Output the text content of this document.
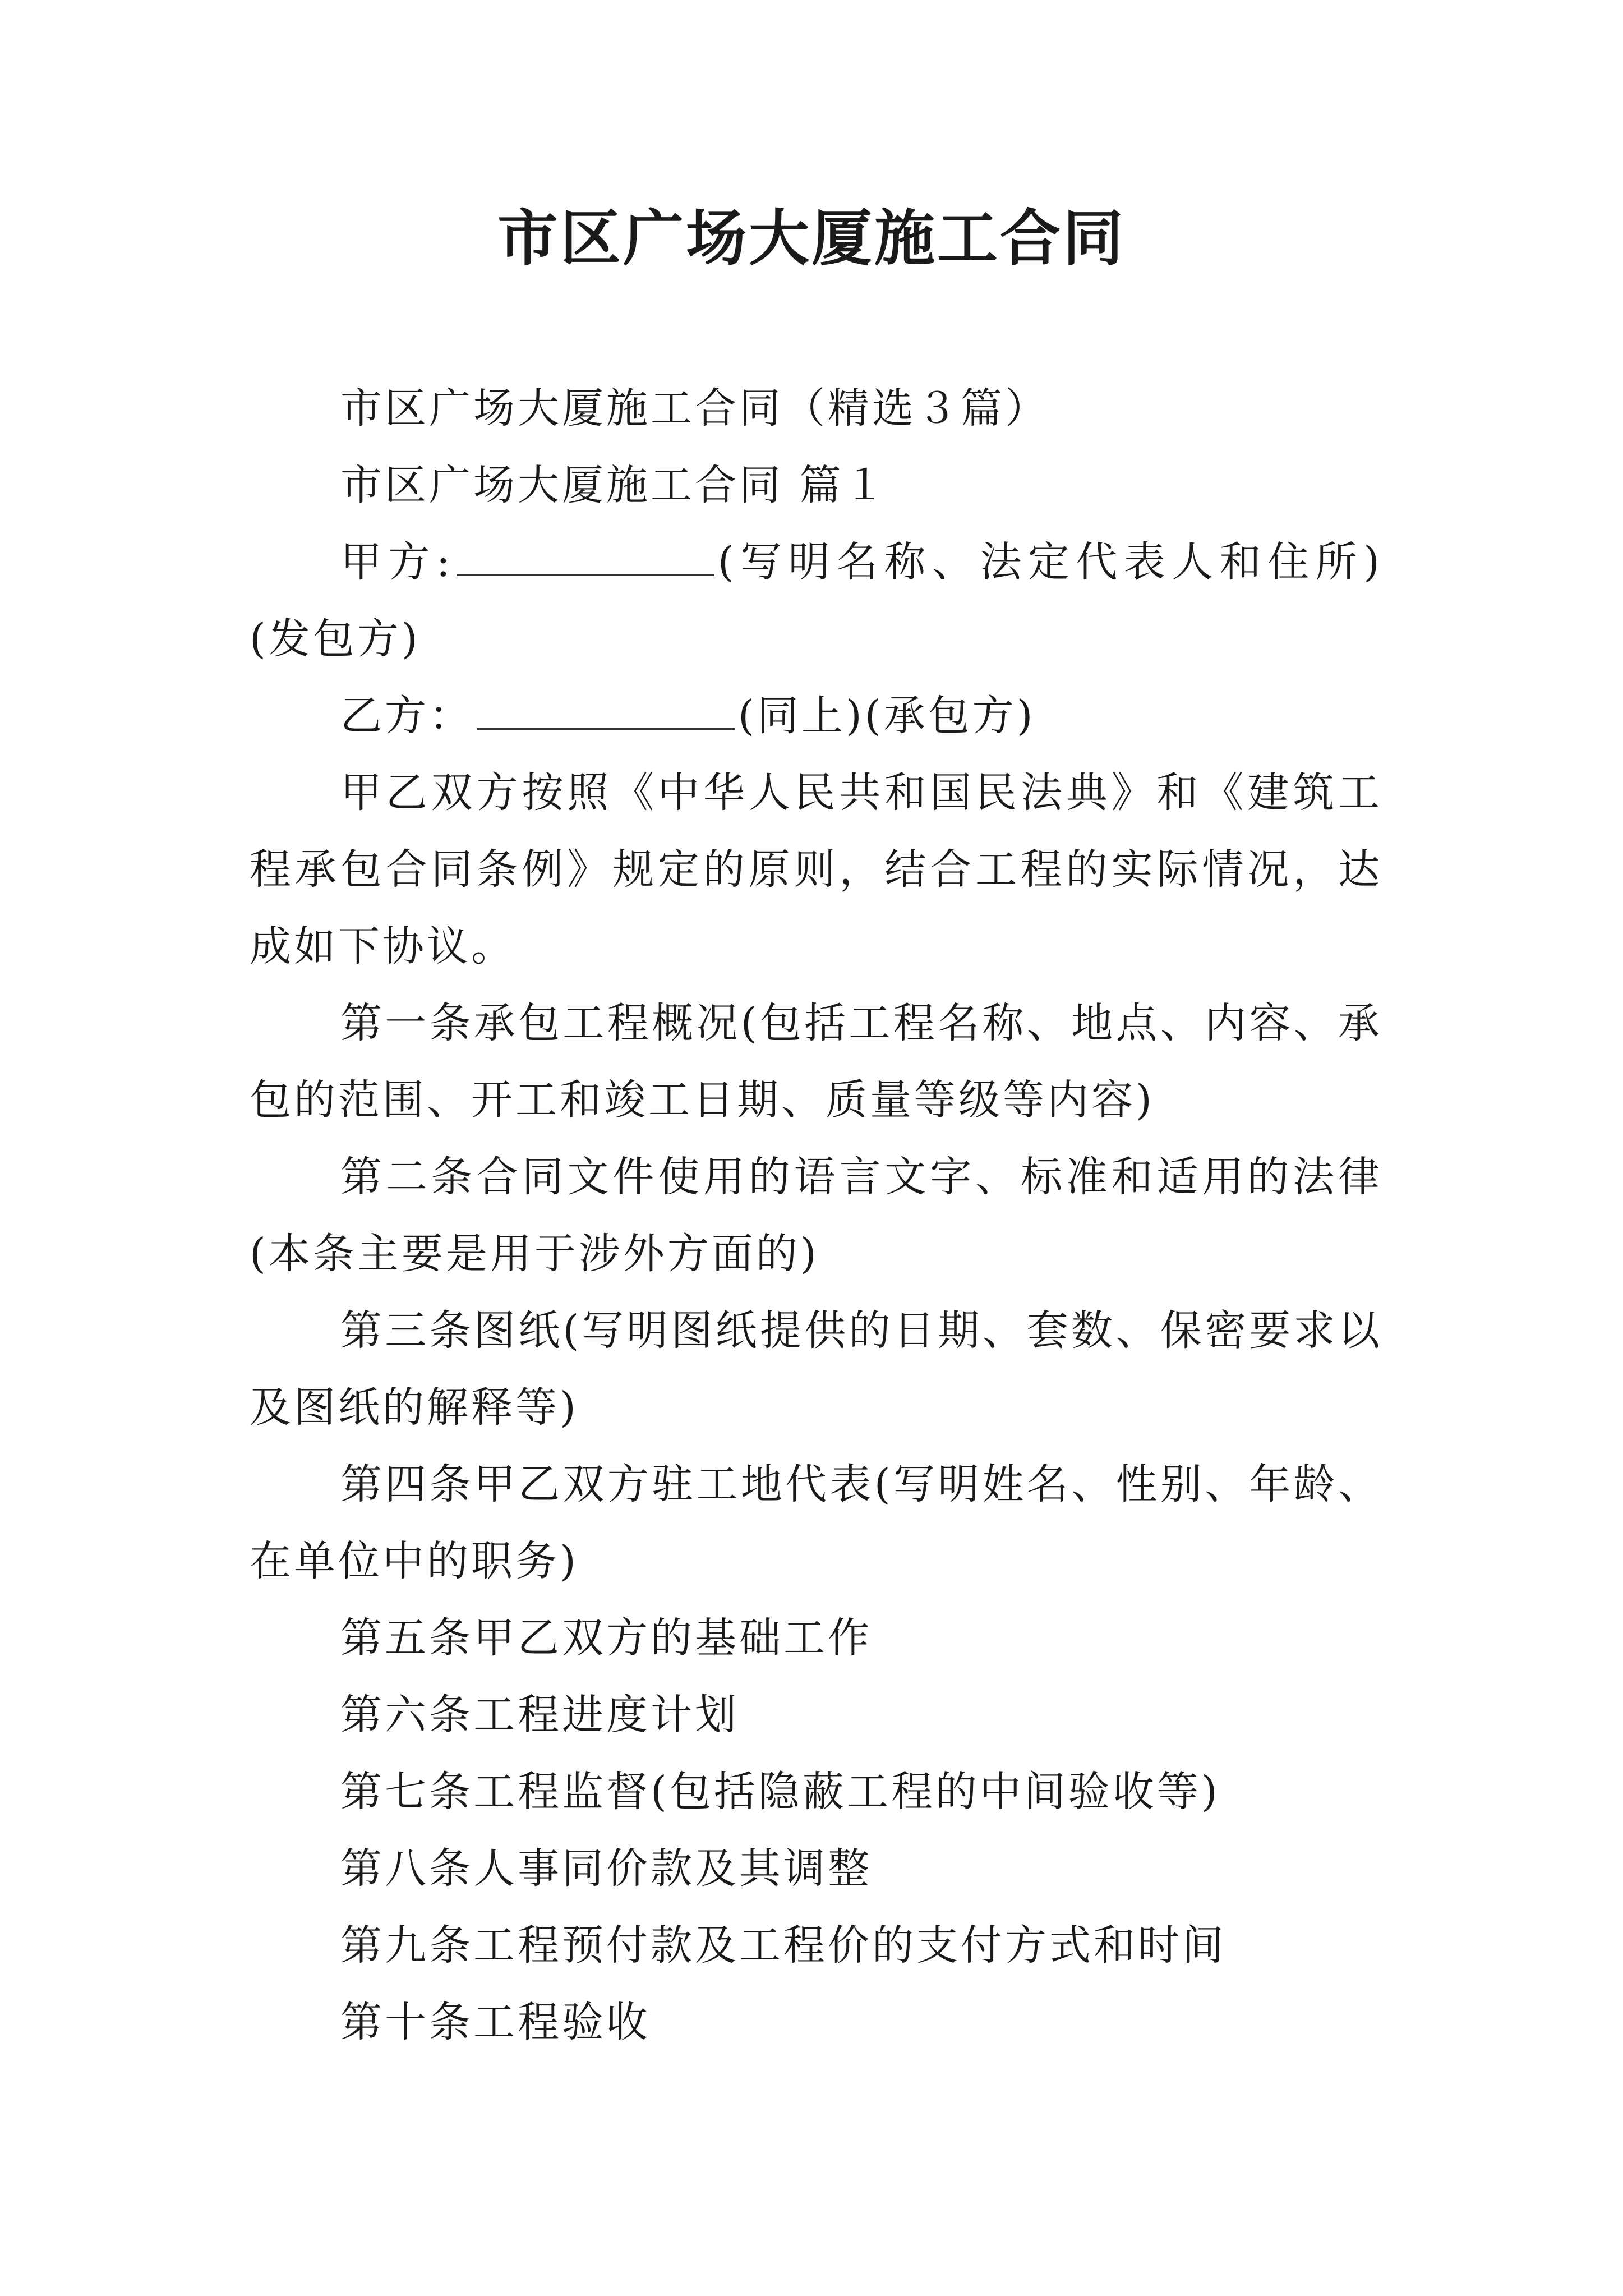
市区广场大厦施工合同

市区广场大厦施工合同（精选３篇）

市区广场大厦施工合同 篇１

甲方:	(写明名称、法定代表人和住所)(发包方)

乙方：	(同上)(承包方)

甲乙双方按照《中华人民共和国民法典》和《建筑工程承包合同条例》规定的原则，结合工程的实际情况，达成如下协议。

第一条承包工程概况(包括工程名称、地点、内容、承包的范围、开工和竣工日期、质量等级等内容)

第二条合同文件使用的语言文字、标准和适用的法律(本条主要是用于涉外方面的)

第三条图纸(写明图纸提供的日期、套数、保密要求以及图纸的解释等)

第四条甲乙双方驻工地代表(写明姓名、性别、年龄、在单位中的职务)

第五条甲乙双方的基础工作

第六条工程进度计划

第七条工程监督(包括隐蔽工程的中间验收等)

第八条人事同价款及其调整

第九条工程预付款及工程价的支付方式和时间

第十条工程验收
